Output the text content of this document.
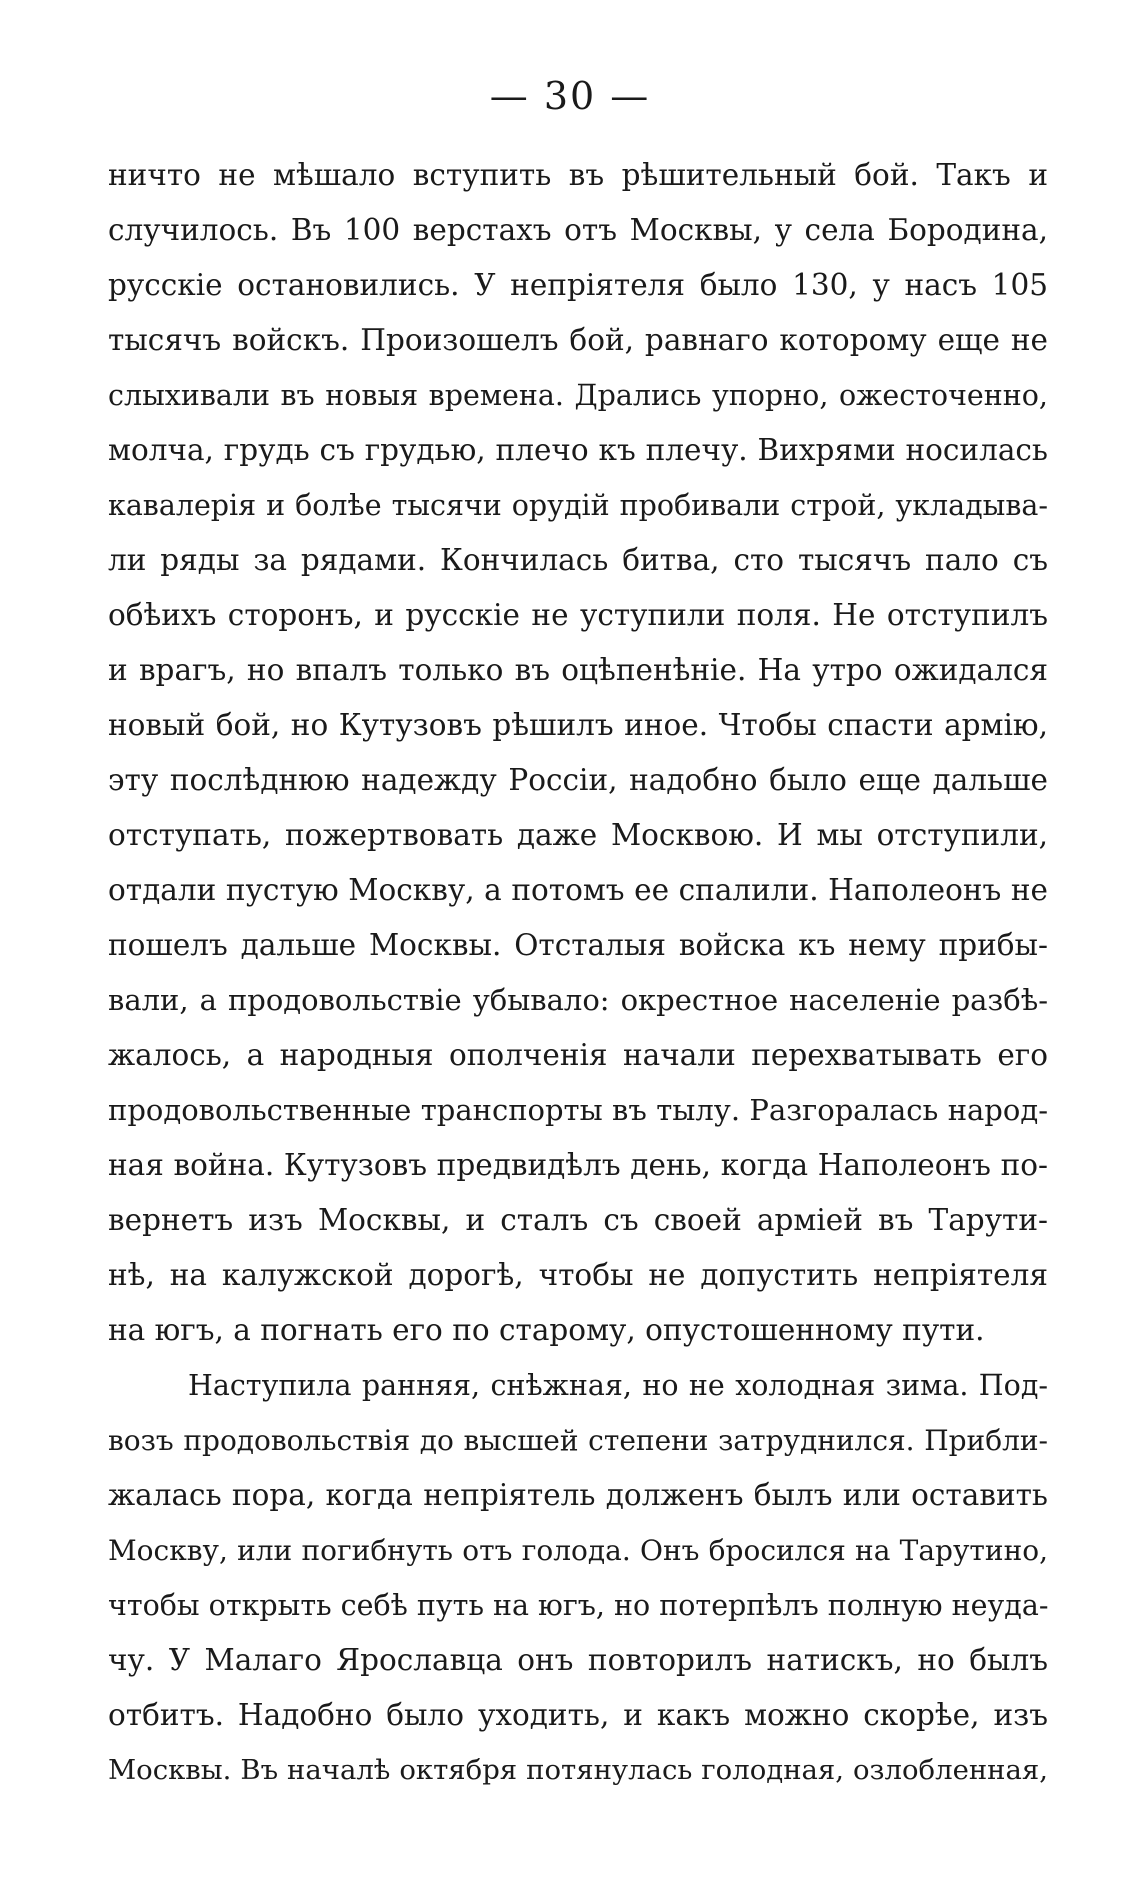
— 30 —
ничто не мѣшало вступить въ рѣшительный бой. Такъ и
случилось. Въ 100 верстахъ отъ Москвы, у села Бородина,
русскіе остановились. У непріятеля было 130, у насъ 105
тысячъ войскъ. Произошелъ бой, равнаго которому еще не
слыхивали въ новыя времена. Дрались упорно, ожесточенно,
молча, грудь съ грудью, плечо къ плечу. Вихрями носилась
кавалерія и болѣе тысячи орудій пробивали строй, укладыва-
ли ряды за рядами. Кончилась битва, сто тысячъ пало съ
обѣихъ сторонъ, и русскіе не уступили поля. Не отступилъ
и врагъ, но впалъ только въ оцѣпенѣніе. На утро ожидался
новый бой, но Кутузовъ рѣшилъ иное. Чтобы спасти армію,
эту послѣднюю надежду Россіи, надобно было еще дальше
отступать, пожертвовать даже Москвою. И мы отступили,
отдали пустую Москву, а потомъ ее спалили. Наполеонъ не
пошелъ дальше Москвы. Отсталыя войска къ нему прибы-
вали, а продовольствіе убывало: окрестное населеніе разбѣ-
жалось, а народныя ополченія начали перехватывать его
продовольственные транспорты въ тылу. Разгоралась народ-
ная война. Кутузовъ предвидѣлъ день, когда Наполеонъ по-
вернетъ изъ Москвы, и сталъ съ своей арміей въ Тарути-
нѣ, на калужской дорогѣ, чтобы не допустить непріятеля
на югъ, а погнать его по старому, опустошенному пути.
Наступила ранняя, снѣжная, но не холодная зима. Под-
возъ продовольствія до высшей степени затруднился. Прибли-
жалась пора, когда непріятель долженъ былъ или оставить
Москву, или погибнуть отъ голода. Онъ бросился на Тарутино,
чтобы открыть себѣ путь на югъ, но потерпѣлъ полную неуда-
чу. У Малаго Ярославца онъ повторилъ натискъ, но былъ
отбитъ. Надобно было уходить, и какъ можно скорѣе, изъ
Москвы. Въ началѣ октября потянулась голодная, озлобленная,
